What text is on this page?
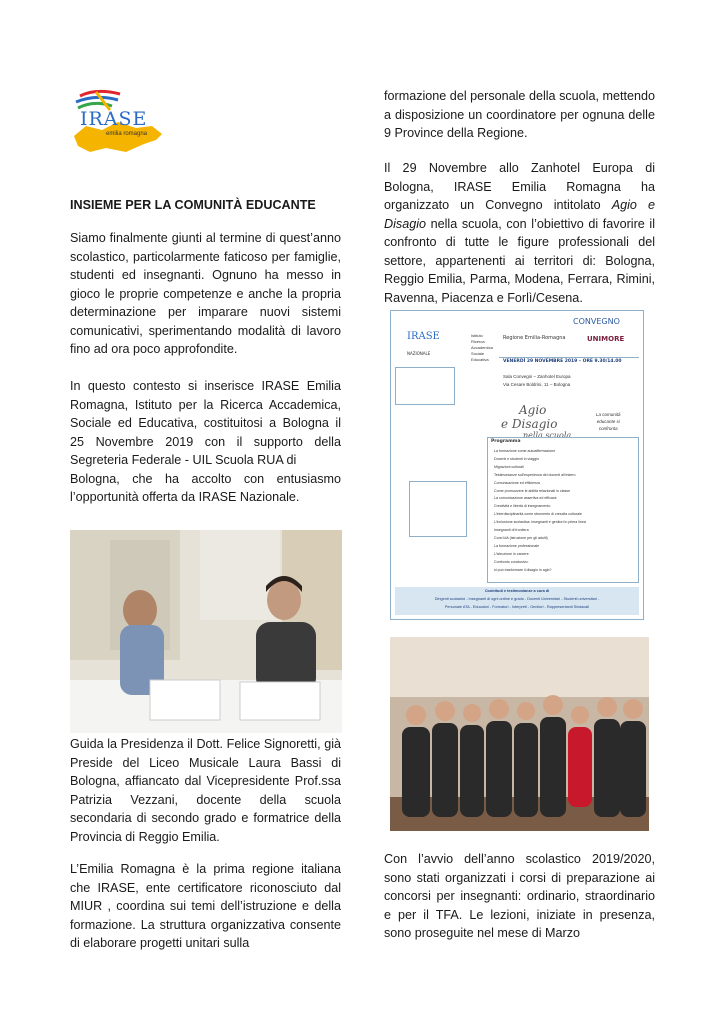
IRASE
emilia romagna
INSIEME PER LA COMUNITÀ EDUCANTE

Siamo finalmente giunti al termine di quest’anno scolastico, particolarmente faticoso per famiglie, studenti ed insegnanti. Ognuno ha messo in gioco le proprie competenze e anche la propria determinazione per imparare nuovi sistemi comunicativi, sperimentando modalità di lavoro fino ad ora poco approfondite.

In questo contesto si inserisce IRASE Emilia
Romagna, Istituto per la Ricerca Accademica,
Sociale ed Educativa, costituitosi a Bologna il
25 Novembre 2019 con il supporto della
Segreteria Federale - UIL Scuola RUA di
Bologna, che ha accolto con entusiasmo
l’opportunità offerta da IRASE Nazionale.

Guida la Presidenza il Dott. Felice Signoretti, già Preside del Liceo Musicale Laura Bassi di Bologna, affiancato dal Vicepresidente Prof.ssa Patrizia Vezzani, docente della scuola secondaria di secondo grado e formatrice della Provincia di Reggio Emilia.

L’Emilia Romagna è la prima regione italiana che IRASE, ente certificatore riconosciuto dal MIUR , coordina sui temi dell’istruzione e della formazione. La struttura organizzativa consente di elaborare progetti unitari sulla

formazione del personale della scuola, mettendo a disposizione un coordinatore per ognuna delle 9 Province della Regione.

Il 29 Novembre allo Zanhotel Europa di Bologna, IRASE Emilia Romagna ha organizzato un Convegno intitolato Agio e Disagio nella scuola, con l’obiettivo di favorire il confronto di tutte le figure professionali del settore, appartenenti ai territori di: Bologna, Reggio Emilia, Parma, Modena, Ferrara, Rimini, Ravenna, Piacenza e Forlì/Cesena.

IRASE
NAZIONALE
Istituto
Ricerca
Accademica
Sociale
Educativa
Regione Emilia-Romagna	UNIMORE
CONVEGNO
VENERDÌ 29 NOVEMBRE 2019 – ORE 9.30/14.00
Sala Convegni – Zanhotel Europa
Via Cesare Boldrini, 11 – Bologna
Agio
e Disagio
nella scuola
La comunità
educante si
confronta
Programma
La formazione come autoaffermazione
Docenti e studenti in viaggio
Migrazioni culturali
Testimonianze sull’esperienza dei docenti all’estero
Comunicazione ed efficienza
Come promuovere le abilità relazionali in classe
La comunicazione assertiva ed efficace
Creatività e libertà di insegnamento
L’interdisciplinarità come strumento di crescita culturale
L’inclusione scolastica: insegnanti e genitori in prima linea
Insegnanti di frontiera
Corsi IdA (istruzione per gli adulti)
La formazione professionale
L’istruzione in carcere
Confronto conclusivo:
si può trasformare il disagio in agio?
Contributi e testimonianze a cura di
Dirigenti scolastici - Insegnanti di ogni ordine e grado - Docenti Universitari - Studenti universitari -
Personale ATA - Educatori - Formatori - Interpreti - Genitori - Rappresentanti Sindacali

Con l’avvio dell’anno scolastico 2019/2020, sono stati organizzati i corsi di preparazione ai concorsi per insegnanti: ordinario, straordinario e per il TFA. Le lezioni, iniziate in presenza, sono proseguite nel mese di Marzo
